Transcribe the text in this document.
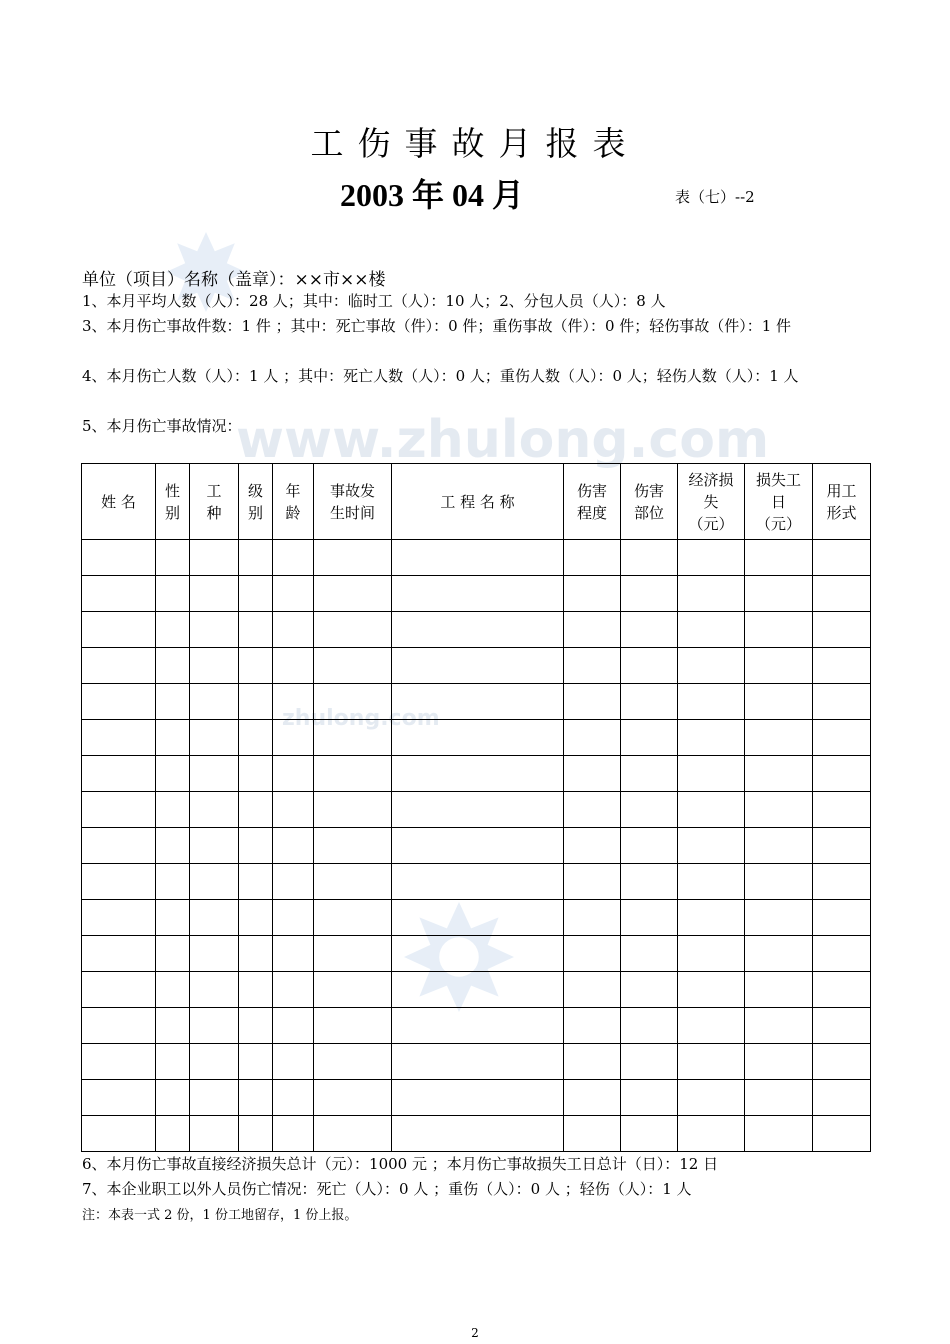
www.zhulong.com
zhulong.com
工伤事故月报表
2003 年 04 月	表（七）--2
单位（项目）名称（盖章）：××市××楼
1、本月平均人数（人）：28 人；其中：临时工（人）：10 人；2、分包人员（人）：8 人
3、本月伤亡事故件数：1 件 ；其中：死亡事故（件）：0 件；重伤事故（件）：0 件；轻伤事故（件）：1 件
4、本月伤亡人数（人）：1 人 ；其中：死亡人数（人）：0 人；重伤人数（人）：0 人；轻伤人数（人）：1 人
5、本月伤亡事故情况：
姓 名	性别	工种	级别	年龄	事故发生时间	工 程 名 称	伤害程度	伤害部位	经济损失（元）	损失工日（元）	用工形式

6、本月伤亡事故直接经济损失总计（元）：1000 元 ；本月伤亡事故损失工日总计（日）：12 日
7、本企业职工以外人员伤亡情况：死亡（人）：0 人 ；重伤（人）：0 人 ；轻伤（人）：1 人
注：本表一式 2 份，1 份工地留存，1 份上报。
2
